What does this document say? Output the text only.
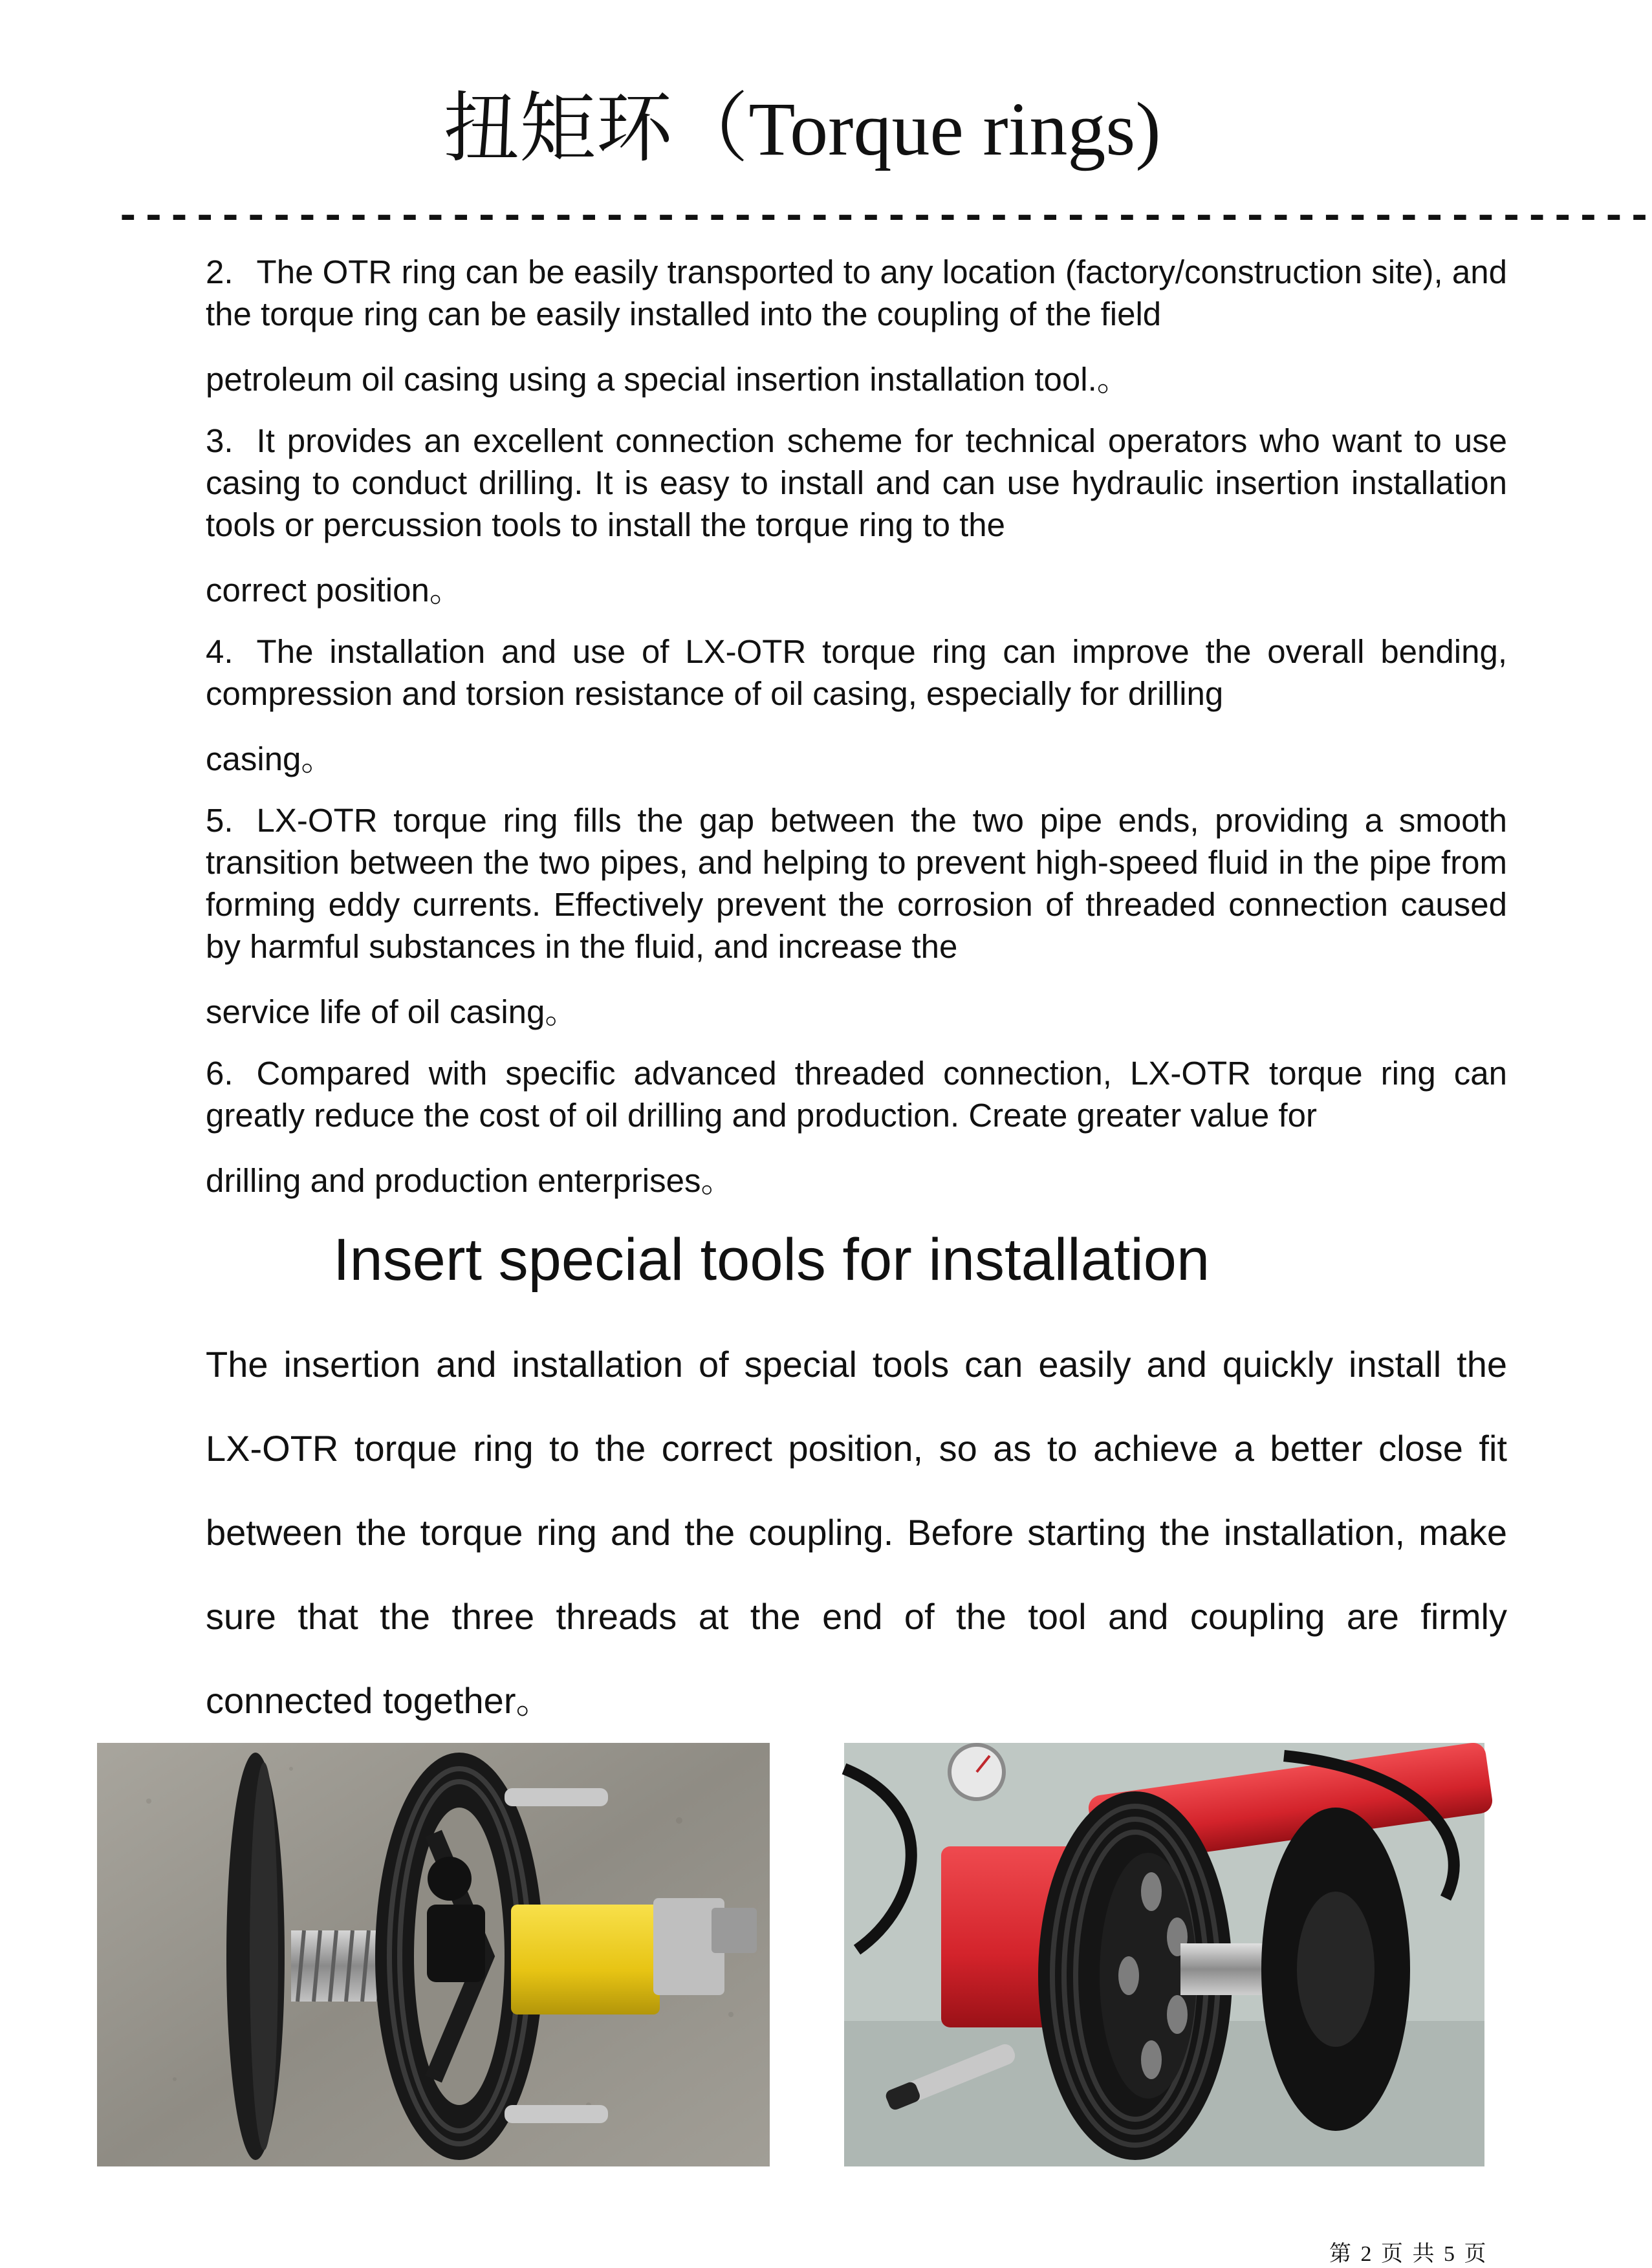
扭矩环（Torque rings)
------------------------------------------------------------

2. The OTR ring can be easily transported to any location (factory/construction site), and the torque ring can be easily installed into the coupling of the field
petroleum oil casing using a special insertion installation tool.。

3. It provides an excellent connection scheme for technical operators who want to use casing to conduct drilling. It is easy to install and can use hydraulic insertion installation tools or percussion tools to install the torque ring to the
correct position。

4. The installation and use of LX-OTR torque ring can improve the overall bending, compression and torsion resistance of oil casing, especially for drilling
casing。

5. LX-OTR torque ring fills the gap between the two pipe ends, providing a smooth transition between the two pipes, and helping to prevent high-speed fluid in the pipe from forming eddy currents. Effectively prevent the corrosion of threaded connection caused by harmful substances in the fluid, and increase the
service life of oil casing。

6. Compared with specific advanced threaded connection, LX-OTR torque ring can greatly reduce the cost of oil drilling and production. Create greater value for
drilling and production enterprises。

Insert special tools for installation
The insertion and installation of special tools can easily and quickly install the LX-OTR torque ring to the correct position, so as to achieve a better close fit between the torque ring and the coupling. Before starting the installation, make sure that the three threads at the end of the tool and coupling are firmly connected together。
第 2 页 共 5 页
